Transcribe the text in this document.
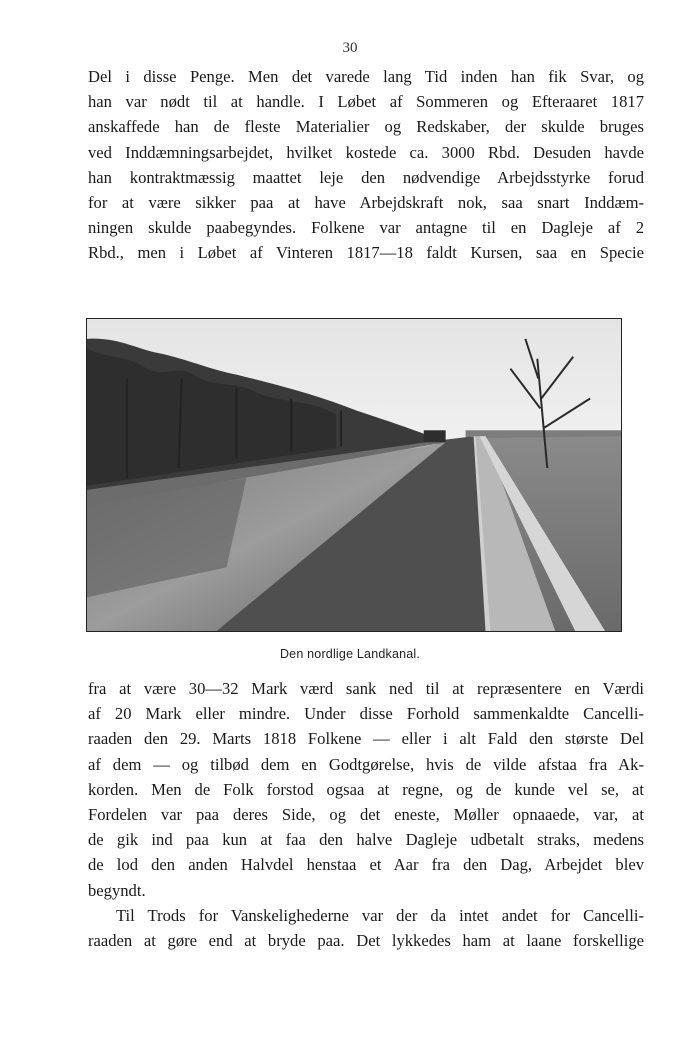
30
Del i disse Penge. Men det varede lang Tid inden han fik Svar, og
han var nødt til at handle. I Løbet af Sommeren og Efteraaret 1817
anskaffede han de fleste Materialier og Redskaber, der skulde bruges
ved Inddæmningsarbejdet, hvilket kostede ca. 3000 Rbd. Desuden havde
han kontraktmæssig maattet leje den nødvendige Arbejdsstyrke forud
for at være sikker paa at have Arbejdskraft nok, saa snart Inddæm-
ningen skulde paabegyndes. Folkene var antagne til en Dagleje af 2
Rbd., men i Løbet af Vinteren 1817—18 faldt Kursen, saa en Specie
Den nordlige Landkanal.
fra at være 30—32 Mark værd sank ned til at repræsentere en Værdi
af 20 Mark eller mindre. Under disse Forhold sammenkaldte Cancelli-
raaden den 29. Marts 1818 Folkene — eller i alt Fald den største Del
af dem — og tilbød dem en Godtgørelse, hvis de vilde afstaa fra Ak-
korden. Men de Folk forstod ogsaa at regne, og de kunde vel se, at
Fordelen var paa deres Side, og det eneste, Møller opnaaede, var, at
de gik ind paa kun at faa den halve Dagleje udbetalt straks, medens
de lod den anden Halvdel henstaa et Aar fra den Dag, Arbejdet blev
begyndt.
Til Trods for Vanskelighederne var der da intet andet for Cancelli-
raaden at gøre end at bryde paa. Det lykkedes ham at laane forskellige
